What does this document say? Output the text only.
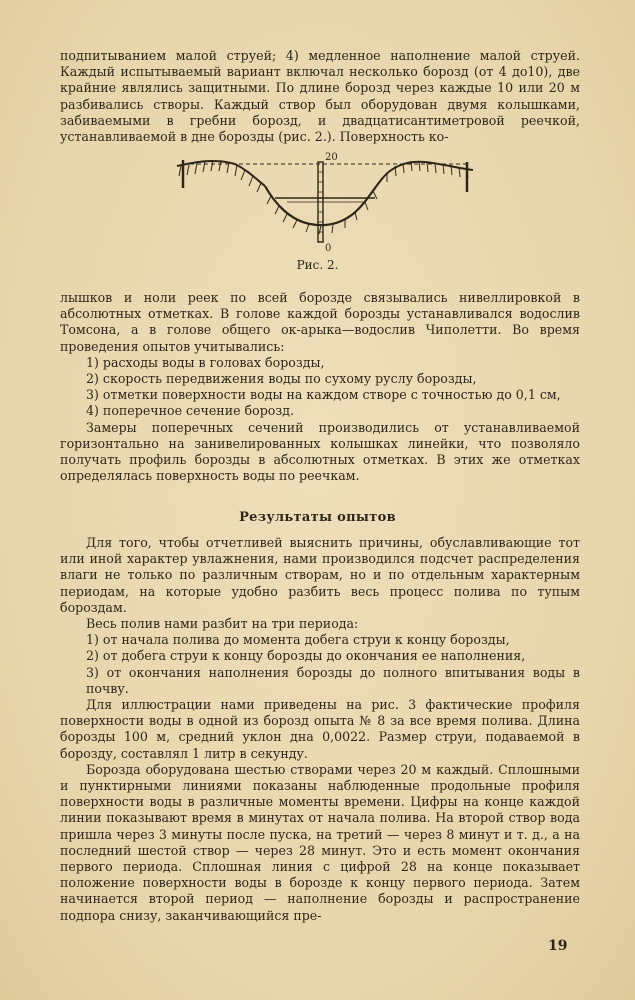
подпитыванием малой струей; 4) медленное наполнение малой струей. Каждый испытываемый вариант включал несколько борозд (от 4 до10), две крайние являлись защитными. По длине борозд через каждые 10 или 20 м разбивались створы. Каждый створ был оборудован двумя колышками, забиваемыми в гребни борозд, и двадцатисантиметровой реечкой, устанавливаемой в дне борозды (рис. 2.). Поверхность ко-

20
0
Рис. 2.

лышков и ноли реек по всей борозде связывались нивеллировкой в абсолютных отметках. В голове каждой борозды устанавливался водослив Томсона, а в голове общего ок-арыка—водослив Чиполетти. Во время проведения опытов учитывались:

1) расходы воды в головах борозды,

2) скорость передвижения воды по сухому руслу борозды,

3) отметки поверхности воды на каждом створе с точностью до 0,1 см,

4) поперечное сечение борозд.

Замеры поперечных сечений производились от устанавливаемой горизонтально на занивелированных колышках линейки, что позволяло получать профиль борозды в абсолютных отметках. В этих же отметках определялась поверхность воды по реечкам.

Результаты опытов

Для того, чтобы отчетливей выяснить причины, обуславливающие тот или иной характер увлажнения, нами производился подсчет распределения влаги не только по различным створам, но и по отдельным характерным периодам, на которые удобно разбить весь процесс полива по тупым бороздам.

Весь полив нами разбит на три периода:

1) от начала полива до момента добега струи к концу борозды,

2) от добега струи к концу борозды до окончания ее наполнения,

3) от окончания наполнения борозды до полного впитывания воды в почву.

Для иллюстрации нами приведены на рис. 3 фактические профиля поверхности воды в одной из борозд опыта № 8 за все время полива. Длина борозды 100 м, средний уклон дна 0,0022. Размер струи, подаваемой в борозду, составлял 1 литр в секунду.

Борозда оборудована шестью створами через 20 м каждый. Сплошными и пунктирными линиями показаны наблюденные продольные профиля поверхности воды в различные моменты времени. Цифры на конце каждой линии показывают время в минутах от начала полива. На второй створ вода пришла через 3 минуты после пуска, на третий — через 8 минут и т. д., а на последний шестой створ — через 28 минут. Это и есть момент окончания первого периода. Сплошная линия с цифрой 28 на конце показывает положение поверхности воды в борозде к концу первого периода. Затем начинается второй период — наполнение борозды и распространение подпора снизу, заканчивающийся пре-

19
